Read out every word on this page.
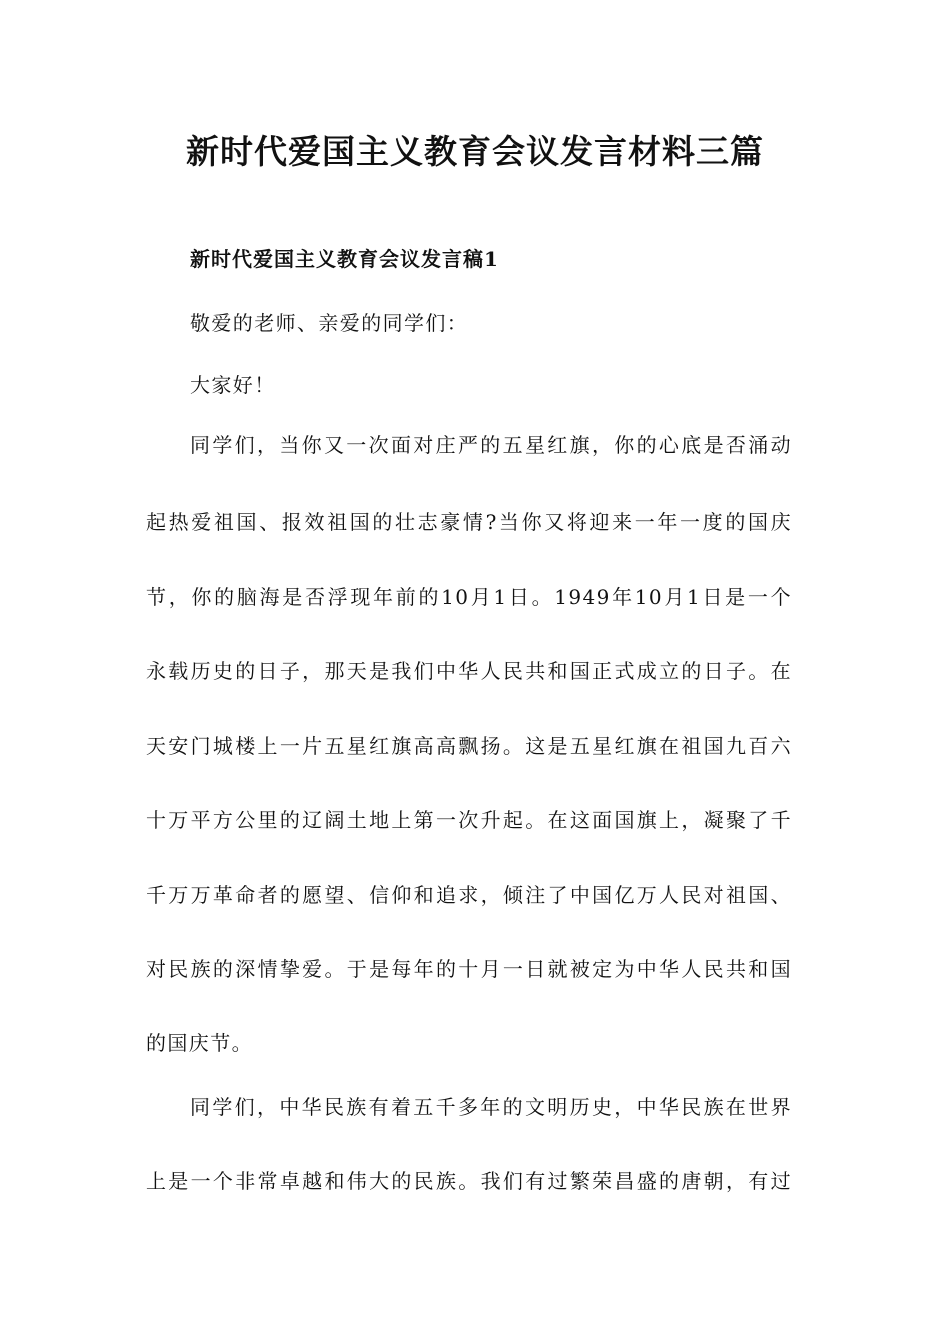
新时代爱国主义教育会议发言材料三篇

新时代爱国主义教育会议发言稿1

敬爱的老师、亲爱的同学们：

大家好！

同学们，当你又一次面对庄严的五星红旗，你的心底是否涌动

起热爱祖国、报效祖国的壮志豪情?当你又将迎来一年一度的国庆

节，你的脑海是否浮现年前的10月1日。1949年10月1日是一个

永载历史的日子，那天是我们中华人民共和国正式成立的日子。在

天安门城楼上一片五星红旗高高飘扬。这是五星红旗在祖国九百六

十万平方公里的辽阔土地上第一次升起。在这面国旗上，凝聚了千

千万万革命者的愿望、信仰和追求，倾注了中国亿万人民对祖国、

对民族的深情挚爱。于是每年的十月一日就被定为中华人民共和国

的国庆节。

同学们，中华民族有着五千多年的文明历史，中华民族在世界

上是一个非常卓越和伟大的民族。我们有过繁荣昌盛的唐朝，有过
